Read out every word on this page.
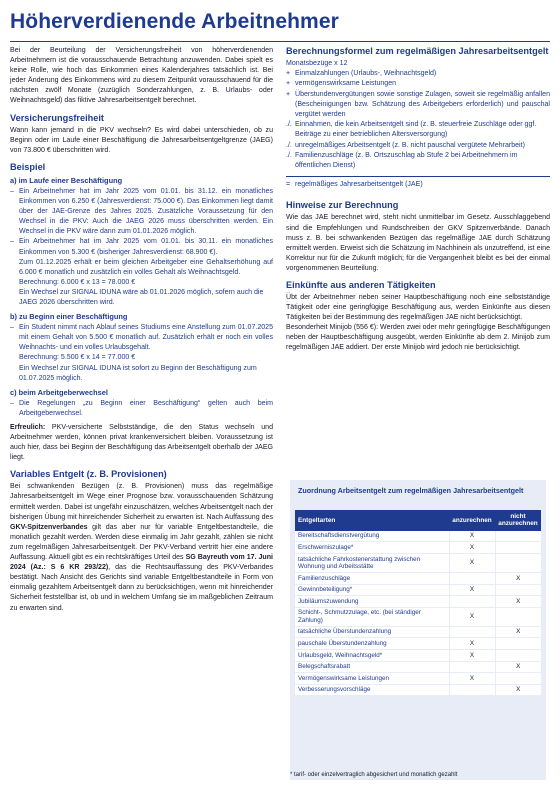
Höherverdienende Arbeitnehmer

Bei der Beurteilung der Versicherungsfreiheit von höherverdienenden Arbeitnehmern ist die vorausschauende Betrachtung anzuwenden. Dabei spielt es keine Rolle, wie hoch das Einkommen eines Kalenderjahres tatsächlich ist. Bei jeder Änderung des Einkommens wird zu diesem Zeitpunkt vorausschauend für die nächsten zwölf Monate (zuzüglich Sonderzahlungen, z. B. Urlaubs- oder Weihnachtsgeld) das fiktive Jahresarbeitsentgelt berechnet.

Versicherungsfreiheit

Wann kann jemand in die PKV wechseln? Es wird dabei unterschieden, ob zu Beginn oder im Laufe einer Beschäftigung die Jahresarbeitsentgeltgrenze (JAEG) von 73.800 € überschritten wird.

Beispiel
a) im Laufe einer Beschäftigung
– Ein Arbeitnehmer hat im Jahr 2025 vom 01.01. bis 31.12. ein monatliches Einkommen von 6.250 € (Jahresverdienst: 75.000 €). Das Einkommen liegt damit über der JAE-Grenze des Jahres 2025. Zusätzliche Voraussetzung für den Wechsel in die PKV: Auch die JAEG 2026 muss überschritten werden. Ein Wechsel in die PKV wäre dann zum 01.01.2026 möglich.
– Ein Arbeitnehmer hat im Jahr 2025 vom 01.01. bis 30.11. ein monatliches Einkommen von 5.300 € (bisheriger Jahresverdienst: 68.900 €).
Zum 01.12.2025 erhält er beim gleichen Arbeitgeber eine Gehaltserhöhung auf 6.000 € monatlich und zusätzlich ein volles Gehalt als Weihnachtsgeld.
Berechnung: 6.000 € x 13 = 78.000 €
Ein Wechsel zur SIGNAL IDUNA wäre ab 01.01.2026 möglich, sofern auch die JAEG 2026 überschritten wird.
b) zu Beginn einer Beschäftigung
– Ein Student nimmt nach Ablauf seines Studiums eine Anstellung zum 01.07.2025 mit einem Gehalt von 5.500 € monatlich auf. Zusätzlich erhält er noch ein volles Weihnachts- und ein volles Urlaubsgehalt.
Berechnung: 5.500 € x 14 = 77.000 €
Ein Wechsel zur SIGNAL IDUNA ist sofort zu Beginn der Beschäftigung zum 01.07.2025 möglich.
c) beim Arbeitgeberwechsel
– Die Regelungen „zu Beginn einer Beschäftigung“ gelten auch beim Arbeitgeberwechsel.

Erfreulich: PKV-versicherte Selbstständige, die den Status wechseln und Arbeitnehmer werden, können privat krankenversichert bleiben. Voraussetzung ist auch hier, dass bei Beginn der Beschäftigung das Arbeitsentgelt oberhalb der JAEG liegt.

Variables Entgelt (z. B. Provisionen)

Bei schwankenden Bezügen (z. B. Provisionen) muss das regelmäßige Jahresarbeitsentgelt im Wege einer Prognose bzw. vorausschauenden Schätzung ermittelt werden. Dabei ist ungefähr einzuschätzen, welches Arbeitsentgelt nach der bisherigen Übung mit hinreichender Sicherheit zu erwarten ist. Nach Auffassung des GKV-Spitzenverbandes gilt das aber nur für variable Entgeltbestandteile, die monatlich gezahlt werden. Werden diese einmalig im Jahr gezahlt, zählen sie nicht zum regelmäßigen Jahresarbeitsentgelt. Der PKV-Verband vertritt hier eine andere Auffassung. Aktuell gibt es ein rechtskräftiges Urteil des SG Bayreuth vom 17. Juni 2024 (Az.: S 6 KR 293/22), das die Rechtsauffassung des PKV-Verbandes bestätigt. Nach Ansicht des Gerichts sind variable Entgeltbestandteile in Form von einmalig gezahltem Arbeitsentgelt dann zu berücksichtigen, wenn mit hinreichender Sicherheit feststellbar ist, ob und in welchem Umfang sie im maßgeblichen Zeitraum zu erwarten sind.

Berechnungsformel zum regelmäßigen Jahresarbeitsentgelt
Monatsbezüge x 12
+ Einmalzahlungen (Urlaubs-, Weihnachtsgeld)
+ vermögenswirksame Leistungen
+ Überstundenvergütungen sowie sonstige Zulagen, soweit sie regelmäßig anfallen (Bescheinigungen bzw. Schätzung des Arbeitgebers erforderlich) und pauschal vergütet werden
./. Einnahmen, die kein Arbeitsentgelt sind (z. B. steuerfreie Zuschläge oder ggf. Beiträge zu einer betrieblichen Altersversorgung)
./. unregelmäßiges Arbeitsentgelt (z. B. nicht pauschal vergütete Mehrarbeit)
./. Familienzuschläge (z. B. Ortszuschlag ab Stufe 2 bei Arbeitnehmern im öffentlichen Dienst)
= regelmäßiges Jahresarbeitsentgelt (JAE)
Hinweise zur Berechnung

Wie das JAE berechnet wird, steht nicht unmittelbar im Gesetz. Ausschlaggebend sind die Empfehlungen und Rundschreiben der GKV Spitzenverbände. Danach muss z. B. bei schwankenden Bezügen das regelmäßige JAE durch Schätzung ermittelt werden. Erweist sich die Schätzung im Nachhinein als unzutreffend, ist eine Korrektur nur für die Zukunft möglich; für die Vergangenheit bleibt es bei der einmal vorgenommenen Beurteilung.

Einkünfte aus anderen Tätigkeiten

Übt der Arbeitnehmer neben seiner Hauptbeschäftigung noch eine selbstständige Tätigkeit oder eine geringfügige Beschäftigung aus, werden Einkünfte aus diesen Tätigkeiten bei der Bestimmung des regelmäßigen JAE nicht berücksichtigt.

Besonderheit Minijob (556 €): Werden zwei oder mehr geringfügige Beschäftigungen neben der Hauptbeschäftigung ausgeübt, werden Einkünfte ab dem 2. Minijob zum regelmäßigen JAE addiert. Der erste Minijob wird jedoch nie berücksichtigt.

Zuordnung Arbeitsentgelt zum regelmäßigen Jahresarbeitsentgelt
Entgeltarten	anzurechnen	nicht anzurechnen
Bereitschaftsdienstvergütung	X	
Erschwerniszulage*	X	
tatsächliche Fahrkostenerstattung zwischen Wohnung und Arbeitsstätte	X	
Familienzuschläge		X
Gewinnbeteiligung*	X	
Jubiläumszuwendung		X
Schicht-, Schmutzzulage, etc. (bei ständiger Zahlung)	X	
tatsächliche Überstundenzahlung		X
pauschale Überstundenzahlung	X	
Urlaubsgeld, Weihnachtsgeld*	X	
Belegschaftsrabatt		X
Vermögenswirksame Leistungen	X	
Verbesserungsvorschläge		X
* tarif- oder einzelvertraglich abgesichert und monatlich gezahlt
